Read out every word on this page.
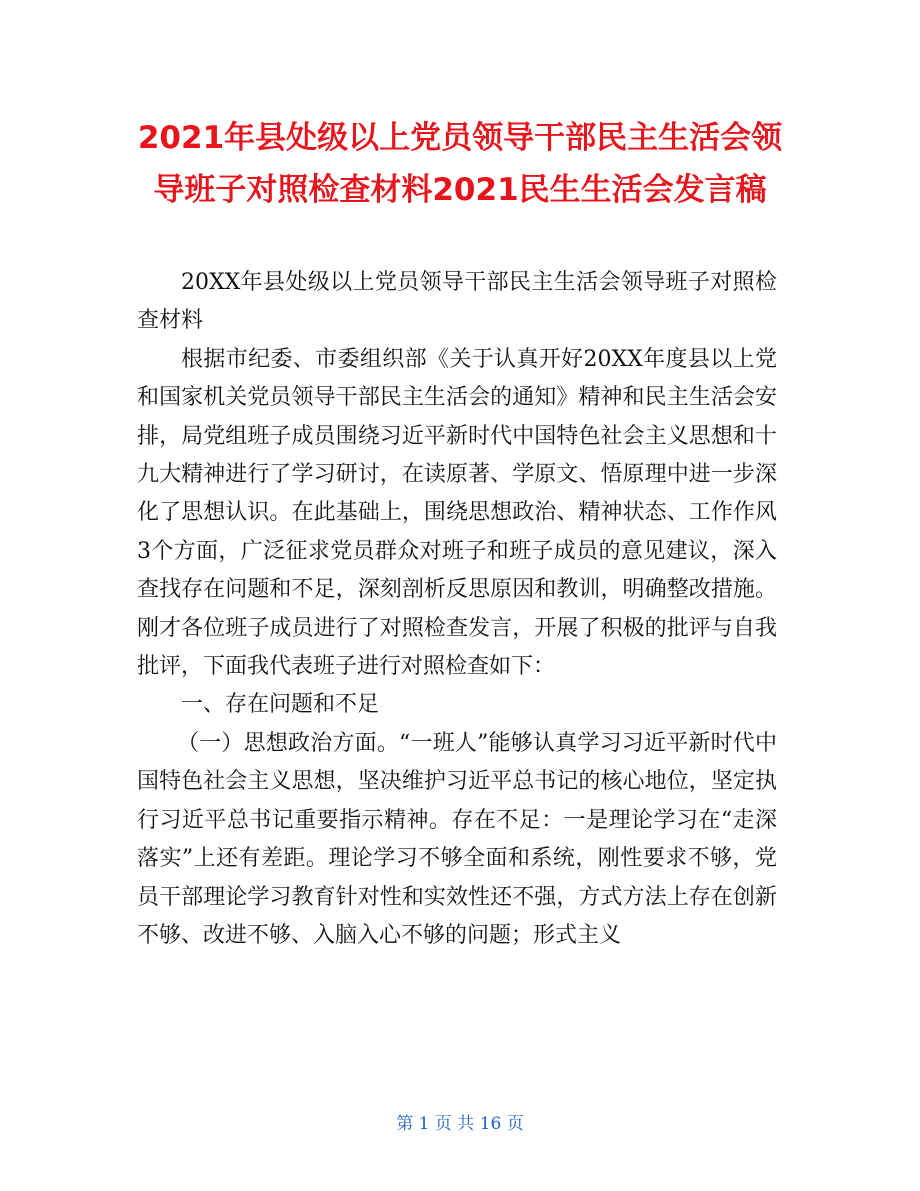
2021年县处级以上党员领导干部民主生活会领
导班子对照检查材料2021民生生活会发言稿

20XX年县处级以上党员领导干部民主生活会领导班子对照检查材料

根据市纪委、市委组织部《关于认真开好20XX年度县以上党和国家机关党员领导干部民主生活会的通知》精神和民主生活会安排，局党组班子成员围绕习近平新时代中国特色社会主义思想和十九大精神进行了学习研讨，在读原著、学原文、悟原理中进一步深化了思想认识。在此基础上，围绕思想政治、精神状态、工作作风3个方面，广泛征求党员群众对班子和班子成员的意见建议，深入查找存在问题和不足，深刻剖析反思原因和教训，明确整改措施。刚才各位班子成员进行了对照检查发言，开展了积极的批评与自我批评，下面我代表班子进行对照检查如下：

一、存在问题和不足

（一）思想政治方面。“一班人”能够认真学习习近平新时代中国特色社会主义思想，坚决维护习近平总书记的核心地位，坚定执行习近平总书记重要指示精神。存在不足：一是理论学习在“走深落实”上还有差距。理论学习不够全面和系统，刚性要求不够，党员干部理论学习教育针对性和实效性还不强，方式方法上存在创新不够、改进不够、入脑入心不够的问题；形式主义

第 1 页 共 16 页
